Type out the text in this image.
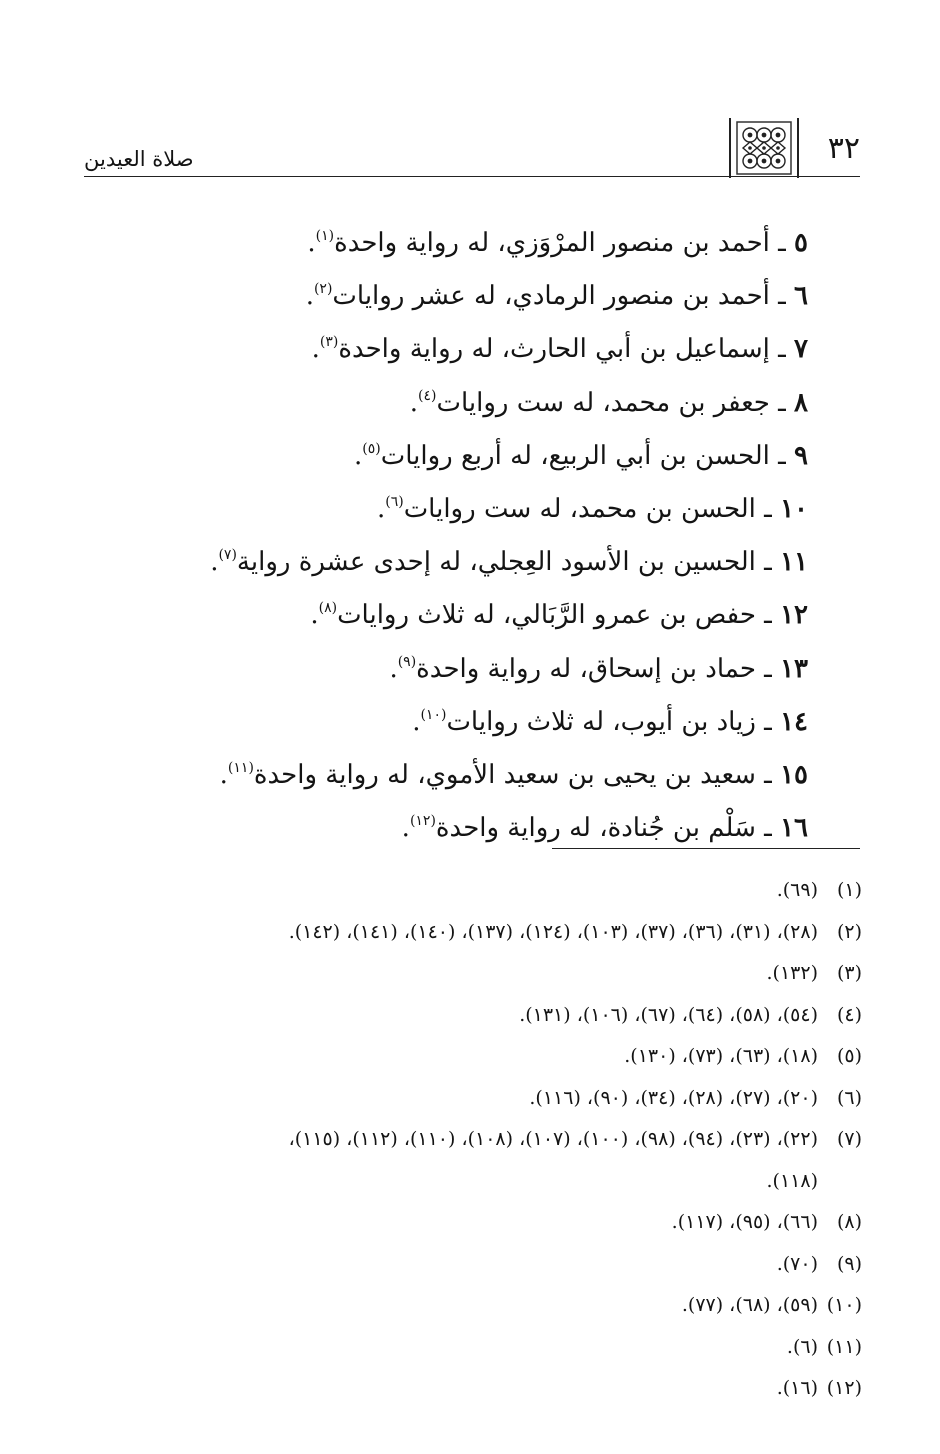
٣٢
صلاة العيدين
٥ ـ أحمد بن منصور المرْوَزي، له رواية واحدة$^{(١)}$.
٦ ـ أحمد بن منصور الرمادي، له عشر روايات$^{(٢)}$.
٧ ـ إسماعيل بن أبي الحارث، له رواية واحدة$^{(٣)}$.
٨ ـ جعفر بن محمد، له ست روايات$^{(٤)}$.
٩ ـ الحسن بن أبي الربيع، له أربع روايات$^{(٥)}$.
١٠ ـ الحسن بن محمد، له ست روايات$^{(٦)}$.
١١ ـ الحسين بن الأسود العِجلي، له إحدى عشرة رواية$^{(٧)}$.
١٢ ـ حفص بن عمرو الرَّبَالي، له ثلاث روايات$^{(٨)}$.
١٣ ـ حماد بن إسحاق، له رواية واحدة$^{(٩)}$.
١٤ ـ زياد بن أيوب، له ثلاث روايات$^{(١٠)}$.
١٥ ـ سعيد بن يحيى بن سعيد الأموي، له رواية واحدة$^{(١١)}$.
١٦ ـ سَلْم بن جُنادة، له رواية واحدة$^{(١٢)}$.
(١)
(٦٩).
(٢)
(٢٨)، (٣١)، (٣٦)، (٣٧)، (١٠٣)، (١٢٤)، (١٣٧)، (١٤٠)، (١٤١)، (١٤٢).
(٣)
(١٣٢).
(٤)
(٥٤)، (٥٨)، (٦٤)، (٦٧)، (١٠٦)، (١٣١).
(٥)
(١٨)، (٦٣)، (٧٣)، (١٣٠).
(٦)
(٢٠)، (٢٧)، (٢٨)، (٣٤)، (٩٠)، (١١٦).
(٧)
(٢٢)، (٢٣)، (٩٤)، (٩٨)، (١٠٠)، (١٠٧)، (١٠٨)، (١١٠)، (١١٢)، (١١٥)،
(١١٨).
(٨)
(٦٦)، (٩٥)، (١١٧).
(٩)
(٧٠).
(١٠)
(٥٩)، (٦٨)، (٧٧).
(١١)
(٦).
(١٢)
(١٦).
